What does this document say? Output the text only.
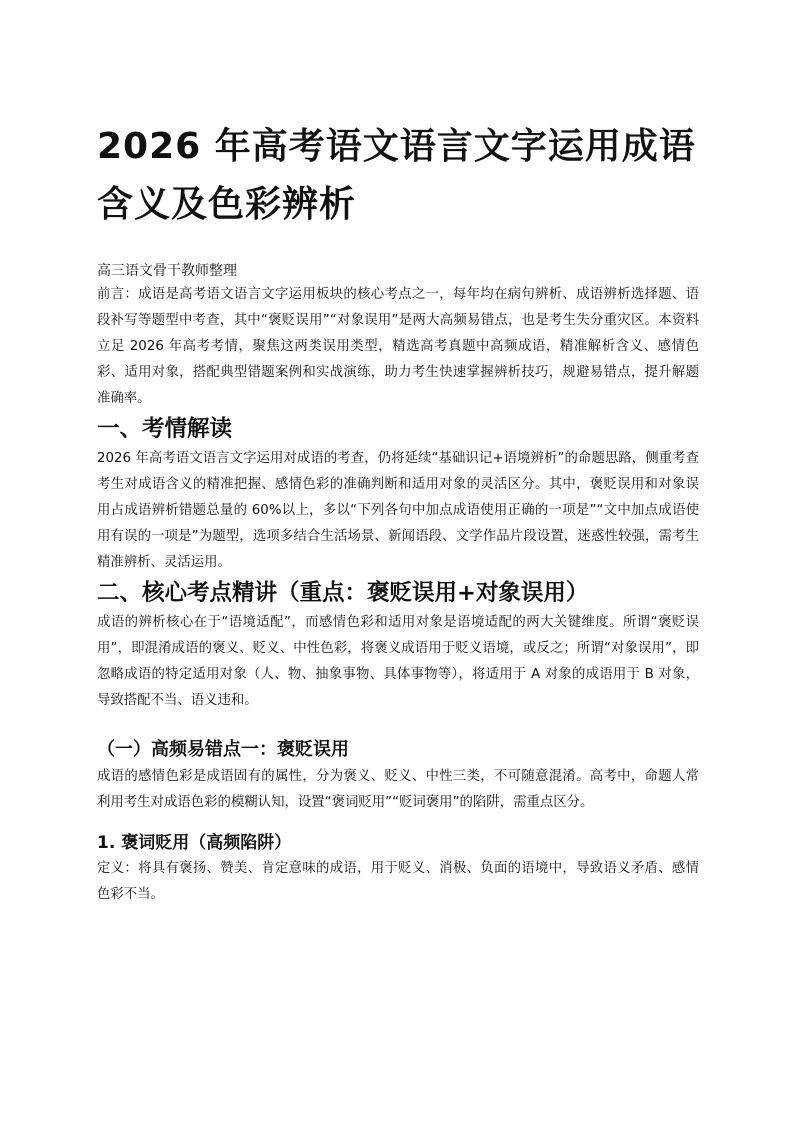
2026 年高考语文语言文字运用成语含义及色彩辨析
高三语文骨干教师整理

前言：成语是高考语文语言文字运用板块的核心考点之一，每年均在病句辨析、成语辨析选择题、语段补写等题型中考查，其中“褒贬误用”“对象误用”是两大高频易错点，也是考生失分重灾区。本资料立足 2026 年高考考情，聚焦这两类误用类型，精选高考真题中高频成语，精准解析含义、感情色彩、适用对象，搭配典型错题案例和实战演练，助力考生快速掌握辨析技巧，规避易错点，提升解题准确率。

一、考情解读

2026 年高考语文语言文字运用对成语的考查，仍将延续“基础识记+语境辨析”的命题思路，侧重考查考生对成语含义的精准把握、感情色彩的准确判断和适用对象的灵活区分。其中，褒贬误用和对象误用占成语辨析错题总量的 60%以上，多以“下列各句中加点成语使用正确的一项是”“文中加点成语使用有误的一项是”为题型，选项多结合生活场景、新闻语段、文学作品片段设置，迷惑性较强，需考生精准辨析、灵活运用。

二、核心考点精讲（重点：褒贬误用+对象误用）

成语的辨析核心在于“语境适配”，而感情色彩和适用对象是语境适配的两大关键维度。所谓“褒贬误用”，即混淆成语的褒义、贬义、中性色彩，将褒义成语用于贬义语境，或反之；所谓“对象误用”，即忽略成语的特定适用对象（人、物、抽象事物、具体事物等），将适用于 A 对象的成语用于 B 对象，导致搭配不当、语义违和。

（一）高频易错点一：褒贬误用

成语的感情色彩是成语固有的属性，分为褒义、贬义、中性三类，不可随意混淆。高考中，命题人常利用考生对成语色彩的模糊认知，设置“褒词贬用”“贬词褒用”的陷阱，需重点区分。

1. 褒词贬用（高频陷阱）

定义：将具有褒扬、赞美、肯定意味的成语，用于贬义、消极、负面的语境中，导致语义矛盾、感情色彩不当。
